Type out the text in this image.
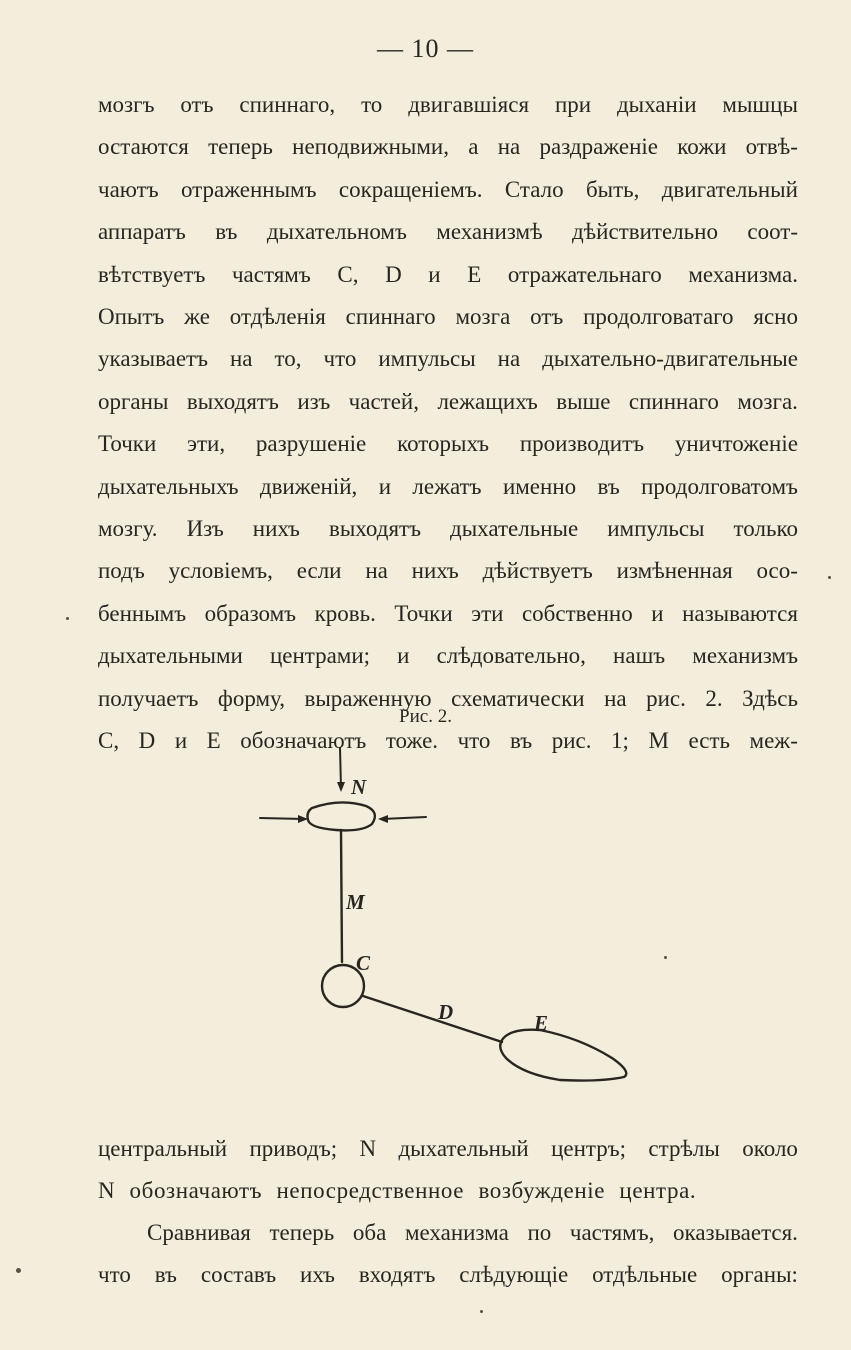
— 10 —
мозгъ отъ спиннаго, то двигавшіяся при дыханіи мышцы
остаются теперь неподвижными, а на раздраженіе кожи отвѣ-
чаютъ отраженнымъ сокращеніемъ. Стало быть, двигательный
аппаратъ въ дыхательномъ механизмѣ дѣйствительно соот-
вѣтствуетъ частямъ С, D и Е отражательнаго механизма.
Опытъ же отдѣленія спиннаго мозга отъ продолговатаго ясно
указываетъ на то, что импульсы на дыхательно-двигательные
органы выходятъ изъ частей, лежащихъ выше спиннаго мозга.
Точки эти, разрушеніе которыхъ производитъ уничтоженіе
дыхательныхъ движеній, и лежатъ именно въ продолговатомъ
мозгу. Изъ нихъ выходятъ дыхательные импульсы только
подъ условіемъ, если на нихъ дѣйствуетъ измѣненная осо-
беннымъ образомъ кровь. Точки эти собственно и называются
дыхательными центрами; и слѣдовательно, нашъ механизмъ
получаетъ форму, выраженную схематически на рис. 2. Здѣсь
С, D и Е обозначаютъ тоже. что въ рис. 1; М есть меж-
центральный приводъ; N дыхательный центръ; стрѣлы около
N обозначаютъ непосредственное возбужденіе центра.
Сравнивая теперь оба механизма по частямъ, оказывается.
что въ составъ ихъ входятъ слѣдующіе отдѣльные органы:
Рис. 2.
N
M
C
D	E
